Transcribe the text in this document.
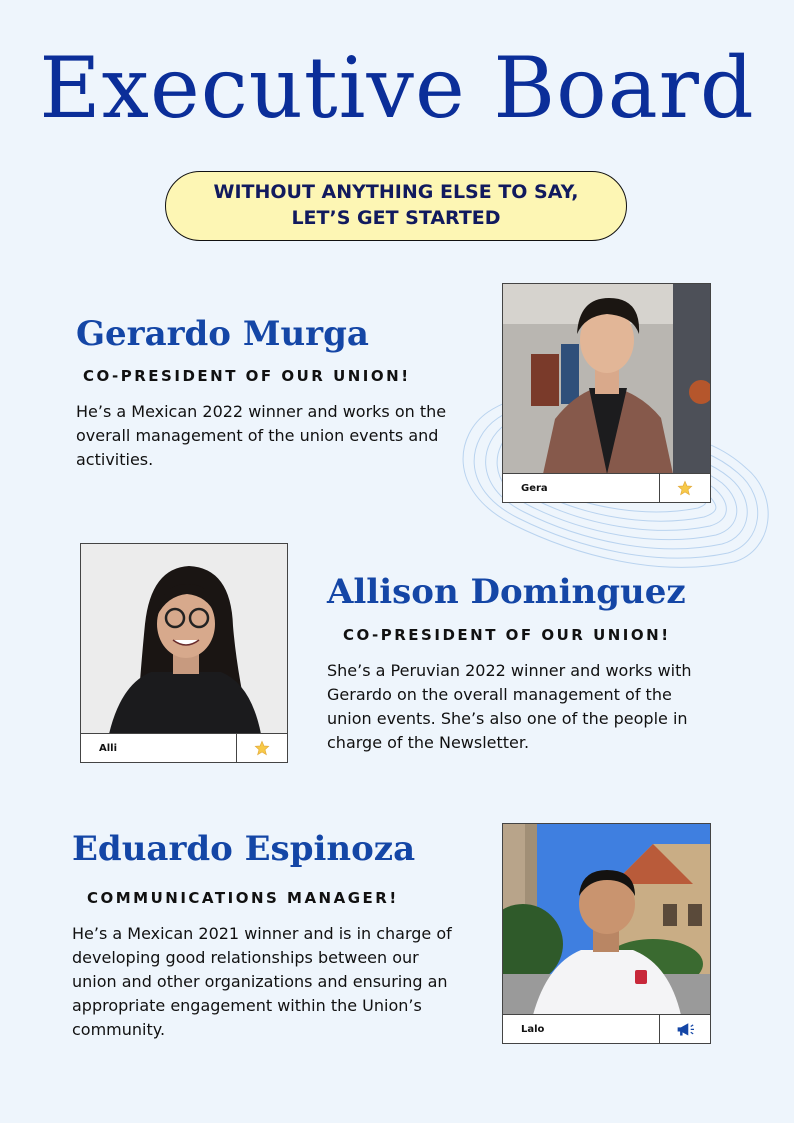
Executive Board
WITHOUT ANYTHING ELSE TO SAY,
LET’S GET STARTED
Gerardo Murga

CO-PRESIDENT OF OUR UNION!

He’s a Mexican 2022 winner and works on the overall management of the union events and activities.

Gera
Alli
Allison Dominguez

CO-PRESIDENT OF OUR UNION!

She’s a Peruvian 2022 winner and works with Gerardo on the overall management of the union events. She’s also one of the people in charge of the Newsletter.

Eduardo Espinoza

COMMUNICATIONS MANAGER!

He’s a Mexican 2021 winner and is in charge of developing good relationships between our union and other organizations and ensuring an appropriate engagement within the Union’s community.	Lalo
